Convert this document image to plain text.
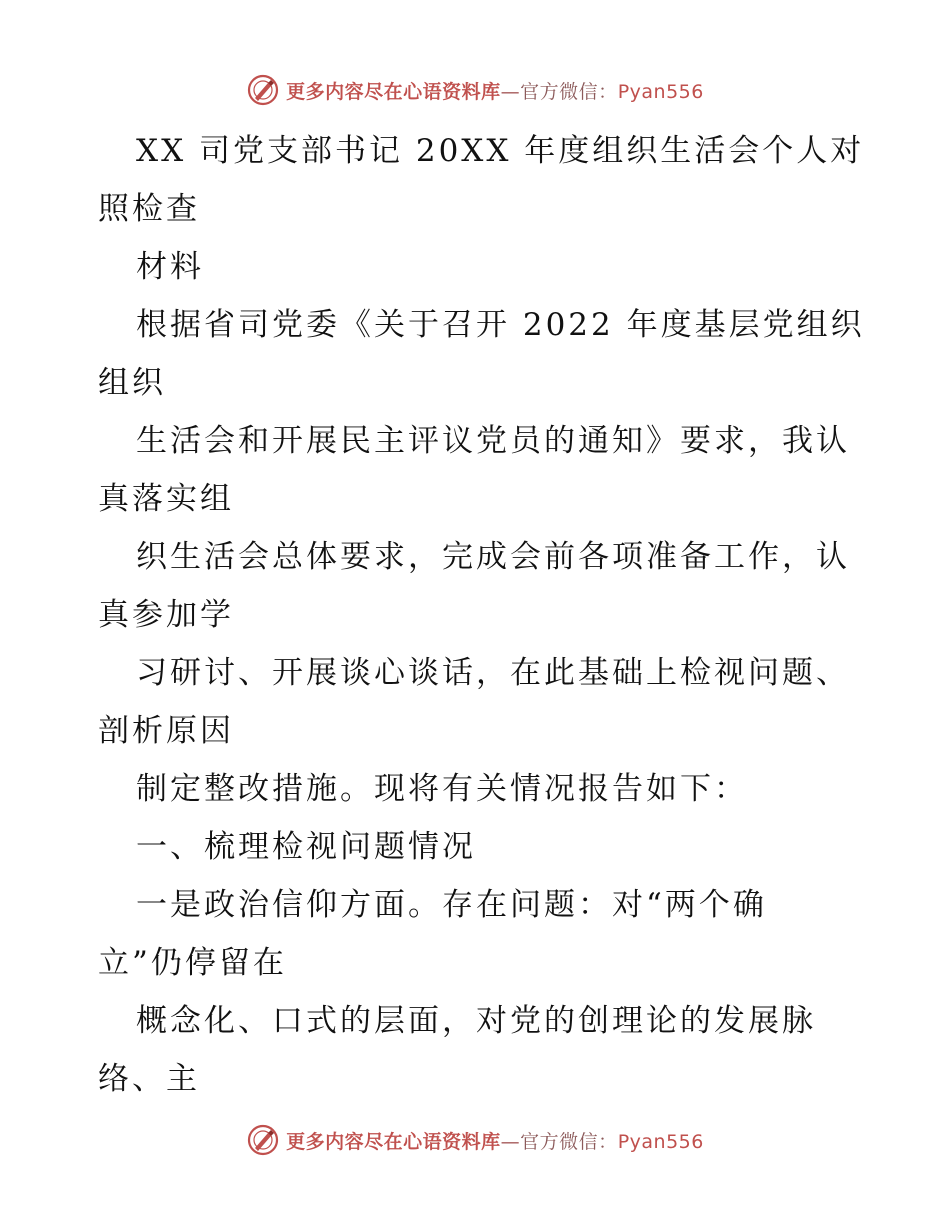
更多内容尽在心语资料库—官方微信：Pyan556
XX 司党支部书记 20XX 年度组织生活会个人对
照检查
材料
根据省司党委《关于召开 2022 年度基层党组织
组织
生活会和开展民主评议党员的通知》要求，我认
真落实组
织生活会总体要求，完成会前各项准备工作，认
真参加学
习研讨、开展谈心谈话，在此基础上检视问题、
剖析原因
制定整改措施。现将有关情况报告如下：
一、梳理检视问题情况
一是政治信仰方面。存在问题：对“两个确
立”仍停留在
概念化、口式的层面，对党的创理论的发展脉
络、主
更多内容尽在心语资料库—官方微信：Pyan556
